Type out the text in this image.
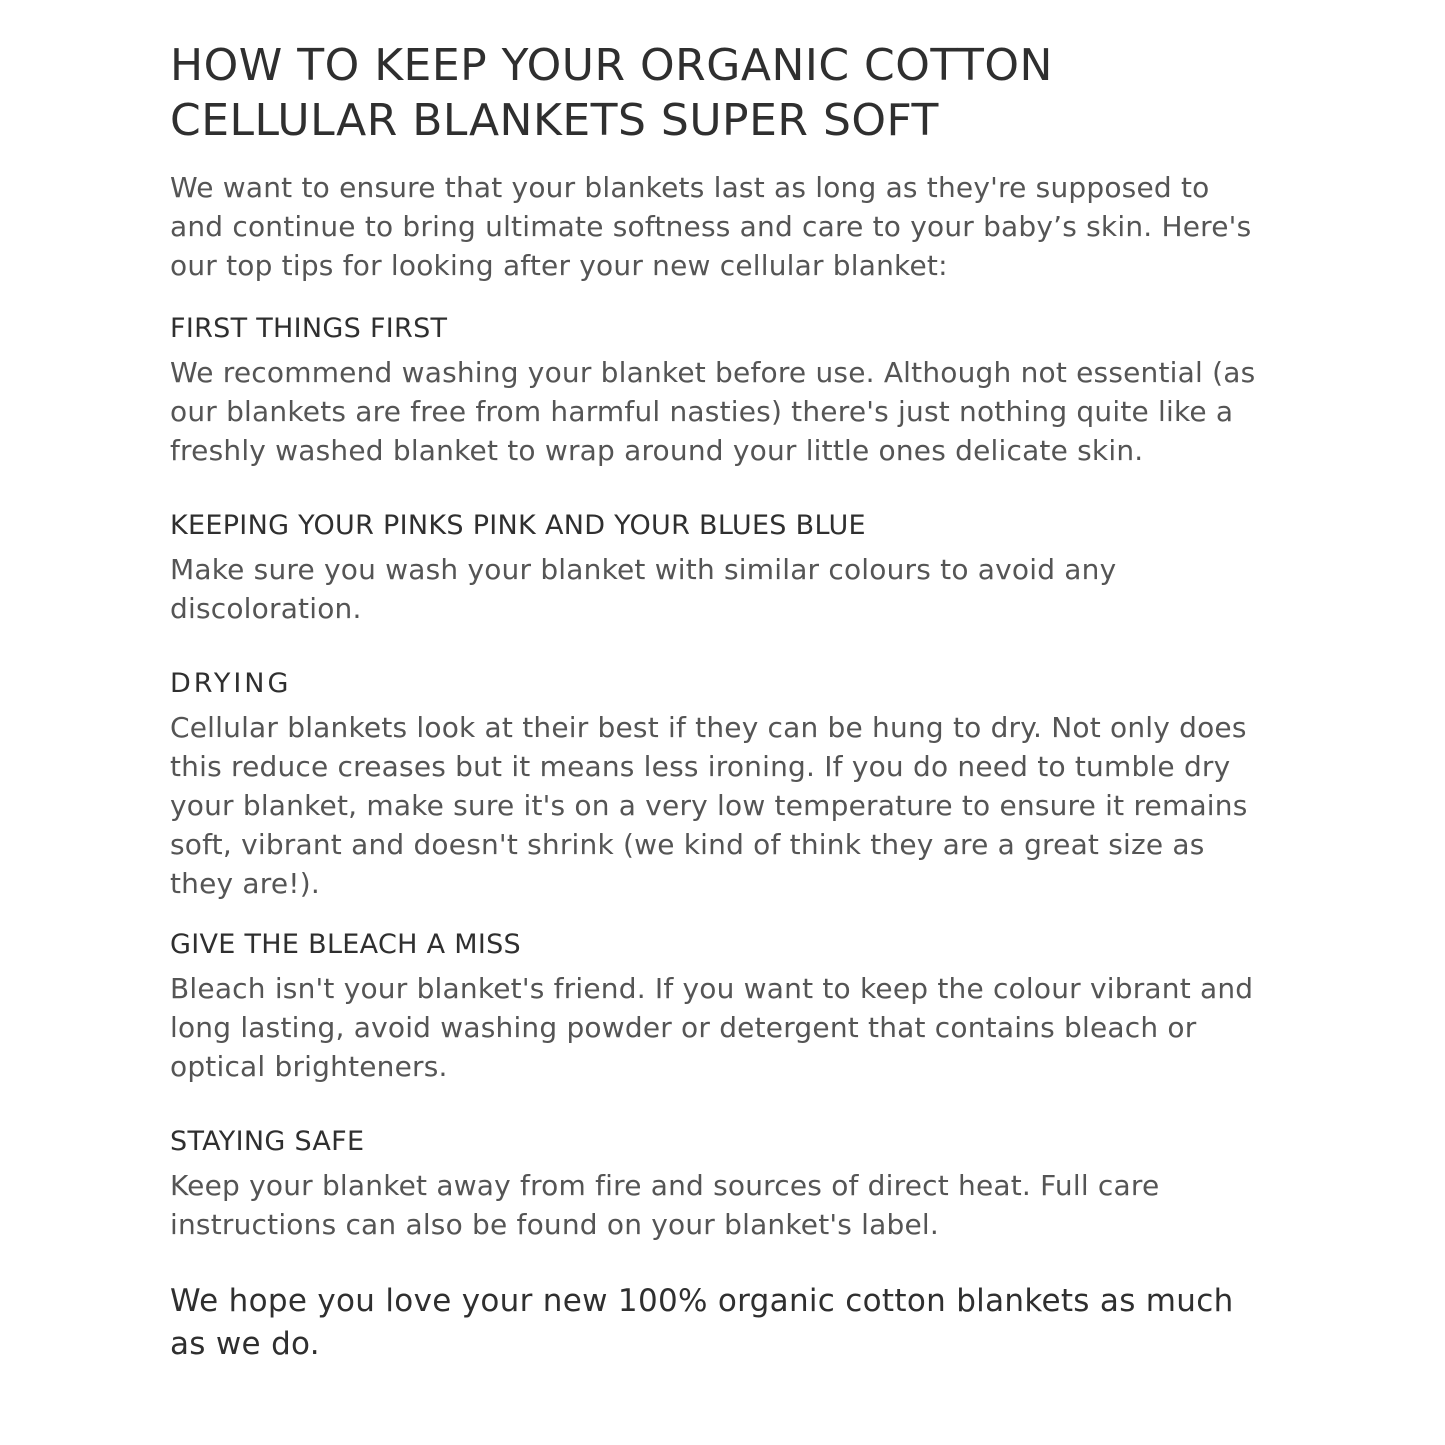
HOW TO KEEP YOUR ORGANIC COTTON
CELLULAR BLANKETS SUPER SOFT

We want to ensure that your blankets last as long as they're supposed to and continue to bring ultimate softness and care to your baby’s skin. Here's our top tips for looking after your new cellular blanket:

FIRST THINGS FIRST

We recommend washing your blanket before use. Although not essential (as our blankets are free from harmful nasties) there's just nothing quite like a freshly washed blanket to wrap around your little ones delicate skin.

KEEPING YOUR PINKS PINK AND YOUR BLUES BLUE

Make sure you wash your blanket with similar colours to avoid any discoloration.

DRYING

Cellular blankets look at their best if they can be hung to dry. Not only does this reduce creases but it means less ironing. If you do need to tumble dry your blanket, make sure it's on a very low temperature to ensure it remains soft, vibrant and doesn't shrink (we kind of think they are a great size as they are!).

GIVE THE BLEACH A MISS

Bleach isn't your blanket's friend. If you want to keep the colour vibrant and long lasting, avoid washing powder or detergent that contains bleach or optical brighteners.

STAYING SAFE

Keep your blanket away from fire and sources of direct heat. Full care instructions can also be found on your blanket's label.

We hope you love your new 100% organic cotton blankets as much as we do.
